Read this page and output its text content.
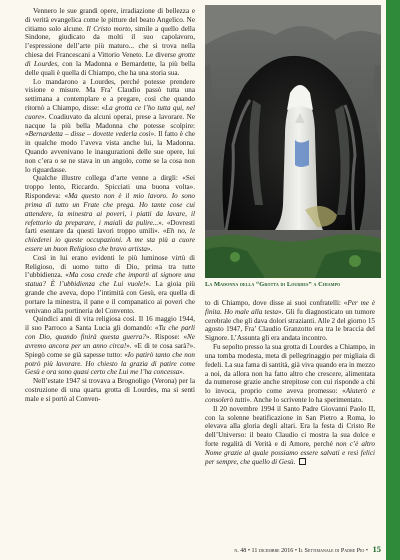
Vennero le sue grandi opere, irradiazione di bellezza e di verità evangelica come le pitture del beato Angelico. Ne citiamo solo alcune. Il Cristo morto, simile a quello della Sindone, giudicato da molti il suo capolavoro, l’espressione dell’arte più maturo... che si trova nella chiesa dei Francescani a Vittorio Veneto. Le diverse grotte di Lourdes, con la Madonna e Bernardette, la più bella delle quali è quella di Chiampo, che ha una storia sua.

Lo mandarono a Lourdes, perché potesse prendere visione e misure. Ma Fra’ Claudio passò tutta una settimana a contemplare e a pregare, così che quando ritornò a Chiampo, disse: «La grotta ce l’ho tutta qui, nel cuore». Coadiuvato da alcuni operai, prese a lavorare. Ne nacque la più bella Madonna che potesse scolpire: «Bernardetta – disse – dovette vederla così». Il fatto è che in qualche modo l’aveva vista anche lui, la Madonna. Quando avvenivano le inaugurazioni delle sue opere, lui non c’era o se ne stava in un angolo, come se la cosa non lo riguardasse.

Qualche illustre collega d’arte venne a dirgli: «Sei troppo lento, Riccardo. Spicciati una buona volta». Rispondeva: «Ma questo non è il mio lavoro. Io sono prima di tutto un Frate che prega. Ho tante cose cui attendere, la minestra ai poveri, i piatti da lavare, il refettorio da preparare, i maiali da pulire...». «Dovresti farti esentare da questi lavori troppo umili». «Eh no, le chiederei io queste occupazioni. A me sta più a cuore essere un buon Religioso che bravo artista».

Così in lui erano evidenti le più luminose virtù di Religioso, di uomo tutto di Dio, prima tra tutte l’ubbidienza. «Ma cosa crede che importi al signore una statua? È l’ubbidienza che Lui vuole!». La gioia più grande che aveva, dopo l’intimità con Gesù, era quella di portare la minestra, il pane e il companatico ai poveri che venivano alla portineria del Convento.

Quindici anni di vita religiosa così. Il 16 maggio 1944, il suo Parroco a Santa Lucia gli domandò: «Tu che parli con Dio, quando finirà questa guerra?». Rispose: «Ne avremo ancora per un anno circa!». «E di te cosa sarà?». Spiegò come se già sapesse tutto: «Io patirò tanto che non potrò più lavorare. Ho chiesto la grazia di patire come Gesù e ora sono quasi certo che Lui me l’ha concessa».

Nell’estate 1947 si trovava a Brognoligo (Verona) per la costruzione di una quarta grotta di Lourdes, ma si sentì male e si portò al Conven-

La Madonna della “Grotta di Lourdes” a Chiampo

to di Chiampo, dove disse ai suoi confratelli: «Per me è finita. Ho male alla testa». Gli fu diagnosticato un tumore cerebrale che gli dava dolori strazianti. Alle 2 del giorno 15 agosto 1947, Fra’ Claudio Granzotto era tra le braccia del Signore. L’Assunta gli era andata incontro.

Fu sepolto presso la sua grotta di Lourdes a Chiampo, in una tomba modesta, meta di pellegrinaggio per migliaia di fedeli. La sua fama di santità, già viva quando era in mezzo a noi, da allora non ha fatto altro che crescere, alimentata da numerose grazie anche strepitose con cui risponde a chi lo invoca, proprio come aveva promesso: «Aiuterò e consolerò tutti». Anche lo scrivente lo ha sperimentato.

Il 20 novembre 1994 il Santo Padre Giovanni Paolo II, con la solenne beatificazione in San Pietro a Roma, lo elevava alla gloria degli altari. Era la festa di Cristo Re dell’Universo: il beato Claudio ci mostra la sua dolce e forte regalità di Verità e di Amore, perché non c’è altro Nome grazie al quale possiamo essere salvati e resi felici per sempre, che quello di Gesù.

n. 48 • 11 dicembre 2016 • Il Settimanale di Padre Pio • 15
